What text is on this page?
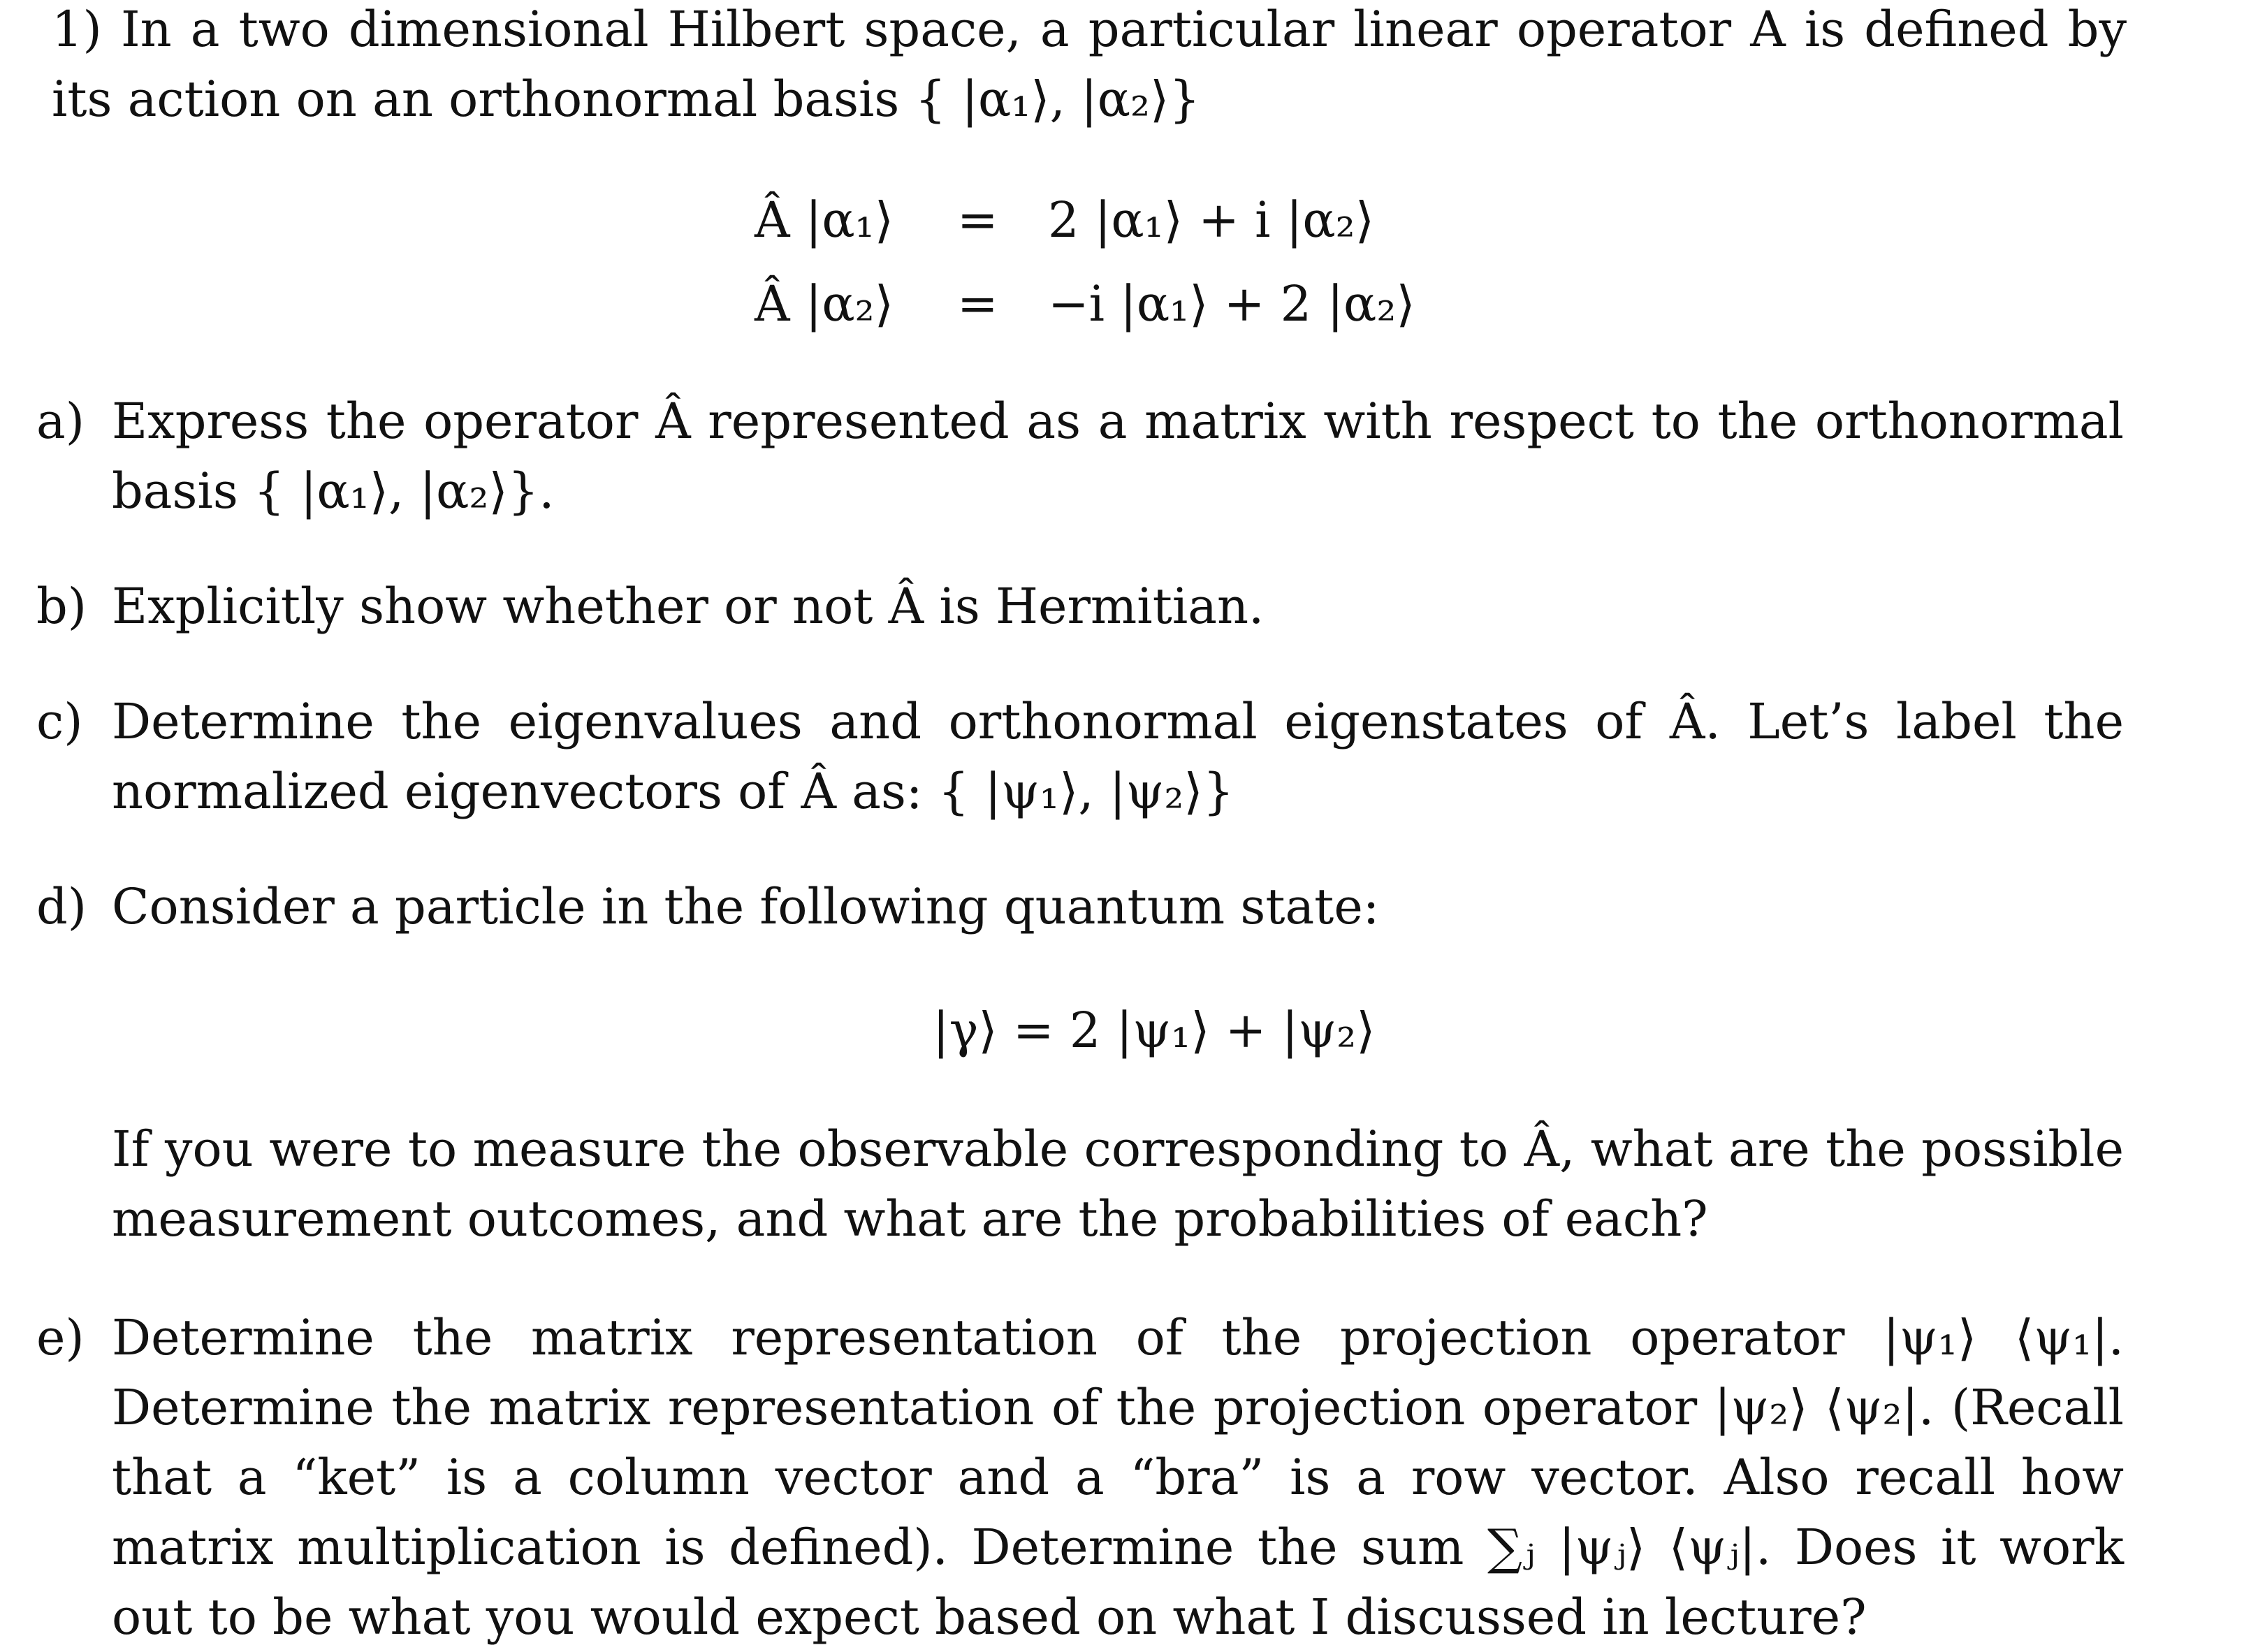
1) In a two dimensional Hilbert space, a particular linear operator A is defined by its action on an orthonormal basis { |α₁⟩, |α₂⟩}
Â |α₁⟩ = 2 |α₁⟩ + i |α₂⟩
Â |α₂⟩ = −i |α₁⟩ + 2 |α₂⟩
a) Express the operator Â represented as a matrix with respect to the orthonormal basis { |α₁⟩, |α₂⟩}.
b) Explicitly show whether or not Â is Hermitian.
c) Determine the eigenvalues and orthonormal eigenstates of Â. Let’s label the normalized eigenvectors of Â as: { |ψ₁⟩, |ψ₂⟩}
d) Consider a particle in the following quantum state:
|γ⟩ = 2 |ψ₁⟩ + |ψ₂⟩
If you were to measure the observable corresponding to Â, what are the possible measurement outcomes, and what are the probabilities of each?
e) Determine the matrix representation of the projection operator |ψ₁⟩ ⟨ψ₁|. Determine the matrix representation of the projection operator |ψ₂⟩ ⟨ψ₂|. (Recall that a “ket” is a column vector and a “bra” is a row vector. Also recall how matrix multiplication is defined). Determine the sum ∑ⱼ |ψⱼ⟩ ⟨ψⱼ|. Does it work out to be what you would expect based on what I discussed in lecture?
